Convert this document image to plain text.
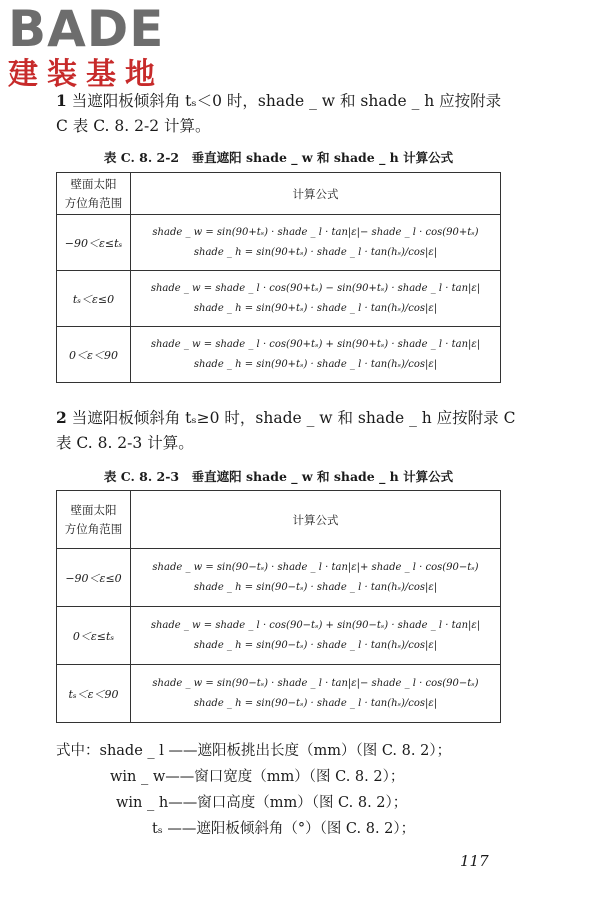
BADE
建装基地
1 当遮阳板倾斜角 tₛ＜0 时，shade _ w 和 shade _ h 应按附录 C 表 C. 8. 2-2 计算。
表 C. 8. 2-2　垂直遮阳 shade _ w 和 shade _ h 计算公式
壁面太阳
方位角范围	计算公式
−90＜ε≤tₛ	shade _ w = sin(90+tₛ) · shade _ l · tan|ε|− shade _ l · cos(90+tₛ)
shade _ h = sin(90+tₛ) · shade _ l · tan(hₛ)/cos|ε|

tₛ＜ε≤0	shade _ w = shade _ l · cos(90+tₛ) − sin(90+tₛ) · shade _ l · tan|ε|
shade _ h = sin(90+tₛ) · shade _ l · tan(hₛ)/cos|ε|

0＜ε＜90	shade _ w = shade _ l · cos(90+tₛ) + sin(90+tₛ) · shade _ l · tan|ε|
shade _ h = sin(90+tₛ) · shade _ l · tan(hₛ)/cos|ε|
2 当遮阳板倾斜角 tₛ≥0 时，shade _ w 和 shade _ h 应按附录 C 表 C. 8. 2-3 计算。
表 C. 8. 2-3　垂直遮阳 shade _ w 和 shade _ h 计算公式
壁面太阳
方位角范围	计算公式
−90＜ε≤0	shade _ w = sin(90−tₛ) · shade _ l · tan|ε|+ shade _ l · cos(90−tₛ)
shade _ h = sin(90−tₛ) · shade _ l · tan(hₛ)/cos|ε|

0＜ε≤tₛ	shade _ w = shade _ l · cos(90−tₛ) + sin(90−tₛ) · shade _ l · tan|ε|
shade _ h = sin(90−tₛ) · shade _ l · tan(hₛ)/cos|ε|

tₛ＜ε＜90	shade _ w = sin(90−tₛ) · shade _ l · tan|ε|− shade _ l · cos(90−tₛ)
shade _ h = sin(90−tₛ) · shade _ l · tan(hₛ)/cos|ε|
式中：shade _ l ——遮阳板挑出长度（mm）（图 C. 8. 2）；
win _ w——窗口宽度（mm）（图 C. 8. 2）；
win _ h——窗口高度（mm）（图 C. 8. 2）；
tₛ ——遮阳板倾斜角（°）（图 C. 8. 2）；
117
